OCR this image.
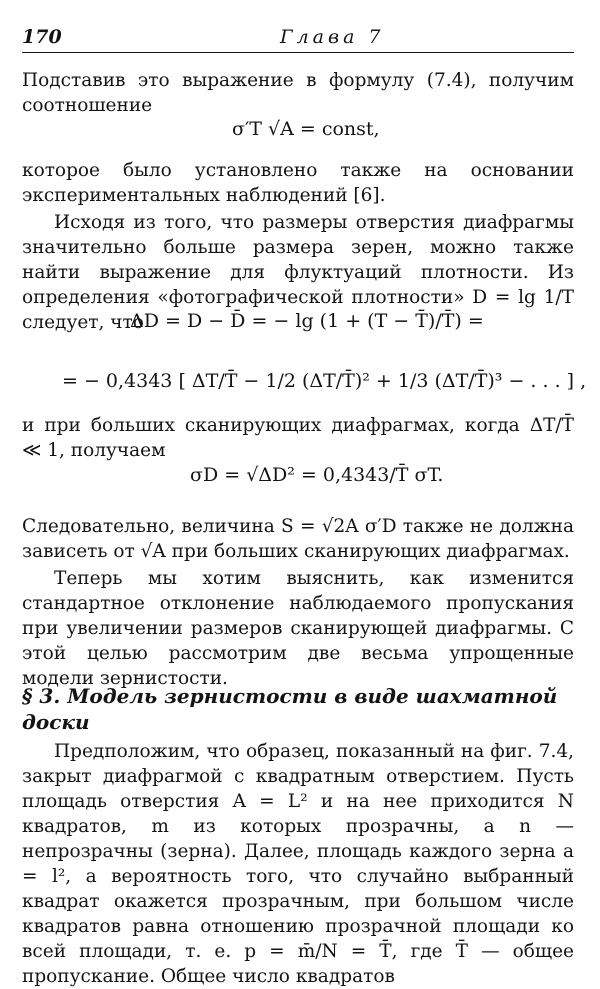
170	Глава 7

Подставив это выражение в формулу (7.4), получим соотношение

σ′T √A = const,

которое было установлено также на основании экспериментальных наблюдений [6].

Исходя из того, что размеры отверстия диафрагмы значительно больше размера зерен, можно также найти выражение для флуктуаций плотности. Из определения «фотографической плотности» D = lg 1/T следует, что

ΔD = D − D̄ = − lg (1 + (T − T̄)/T̄) =
= − 0,4343 [ ΔT/T̄ − 1/2 (ΔT/T̄)² + 1/3 (ΔT/T̄)³ − . . . ] ,

и при больших сканирующих диафрагмах, когда ΔT/T̄ ≪ 1, получаем

σD = √ΔD² = 0,4343/T̄ σT.

Следовательно, величина S = √2A σ′D также не должна зависеть от √A при больших сканирующих диафрагмах.

Теперь мы хотим выяснить, как изменится стандартное отклонение наблюдаемого пропускания при увеличении размеров сканирующей диафрагмы. С этой целью рассмотрим две весьма упрощенные модели зернистости.

§ 3. Модель зернистости в виде шахматной доски

Предположим, что образец, показанный на фиг. 7.4, закрыт диафрагмой с квадратным отверстием. Пусть площадь отверстия A = L² и на нее приходится N квадратов, m из которых прозрачны, а n — непрозрачны (зерна). Далее, площадь каждого зерна a = l², а вероятность того, что случайно выбранный квадрат окажется прозрачным, при большом числе квадратов равна отношению прозрачной площади ко всей площади, т. е. p = m̄/N = T̄, где T̄ — общее пропускание. Общее число квадратов
